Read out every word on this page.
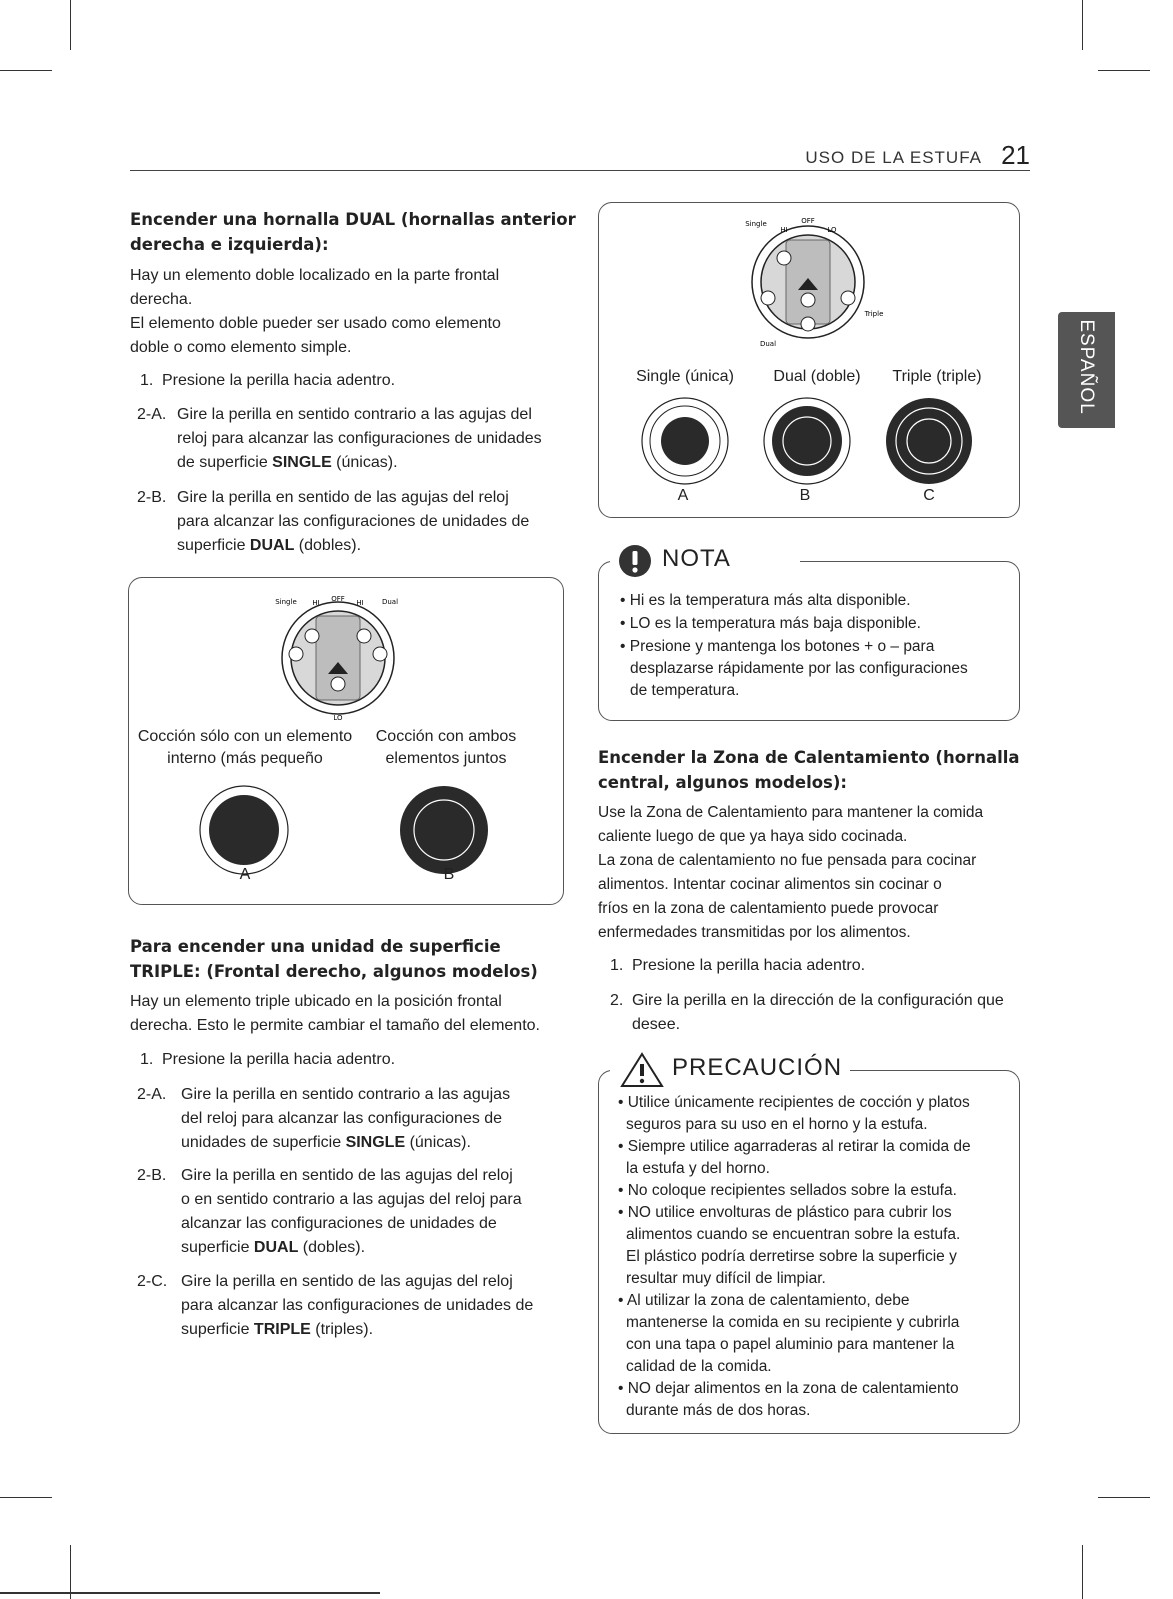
USO DE LA ESTUFA 21
ESPAÑOL
Encender una hornalla DUAL (hornallas anterior
derecha e izquierda):

Hay un elemento doble localizado en la parte frontal
derecha.
El elemento doble pueder ser usado como elemento
doble o como elemento simple.

1. Presione la perilla hacia adentro.
2-A. Gire la perilla en sentido contrario a las agujas del
reloj para alcanzar las configuraciones de unidades
de superficie SINGLE (únicas).
2-B. Gire la perilla en sentido de las agujas del reloj
para alcanzar las configuraciones de unidades de
superficie DUAL (dobles).
OFF
HI	HI
LO
Single	Dual
Cocción sólo con un elemento
interno (más pequeño
Cocción con ambos
elementos juntos
A	B
Para encender una unidad de superficie
TRIPLE: (Frontal derecho, algunos modelos)

Hay un elemento triple ubicado en la posición frontal
derecha. Esto le permite cambiar el tamaño del elemento.

1. Presione la perilla hacia adentro.
2-A. Gire la perilla en sentido contrario a las agujas
del reloj para alcanzar las configuraciones de
unidades de superficie SINGLE (únicas).
2-B. Gire la perilla en sentido de las agujas del reloj
o en sentido contrario a las agujas del reloj para
alcanzar las configuraciones de unidades de
superficie DUAL (dobles).
2-C. Gire la perilla en sentido de las agujas del reloj
para alcanzar las configuraciones de unidades de
superficie TRIPLE (triples).
OFF
HI	LO
Single
Dual
Triple
Single (única)	Dual (doble)	Triple (triple)
A	B	C
NOTA
• Hi es la temperatura más alta disponible.
• LO es la temperatura más baja disponible.
• Presione y mantenga los botones + o – para
desplazarse rápidamente por las configuraciones
de temperatura.
Encender la Zona de Calentamiento (hornalla
central, algunos modelos):

Use la Zona de Calentamiento para mantener la comida
caliente luego de que ya haya sido cocinada.
La zona de calentamiento no fue pensada para cocinar
alimentos. Intentar cocinar alimentos sin cocinar o
fríos en la zona de calentamiento puede provocar
enfermedades transmitidas por los alimentos.

1. Presione la perilla hacia adentro.
2. Gire la perilla en la dirección de la configuración que
desee.
PRECAUCIÓN
• Utilice únicamente recipientes de cocción y platos
seguros para su uso en el horno y la estufa.
• Siempre utilice agarraderas al retirar la comida de
la estufa y del horno.
• No coloque recipientes sellados sobre la estufa.
• NO utilice envolturas de plástico para cubrir los
alimentos cuando se encuentran sobre la estufa.
El plástico podría derretirse sobre la superficie y
resultar muy difícil de limpiar.
• Al utilizar la zona de calentamiento, debe
mantenerse la comida en su recipiente y cubrirla
con una tapa o papel aluminio para mantener la
calidad de la comida.
• NO dejar alimentos en la zona de calentamiento
durante más de dos horas.
